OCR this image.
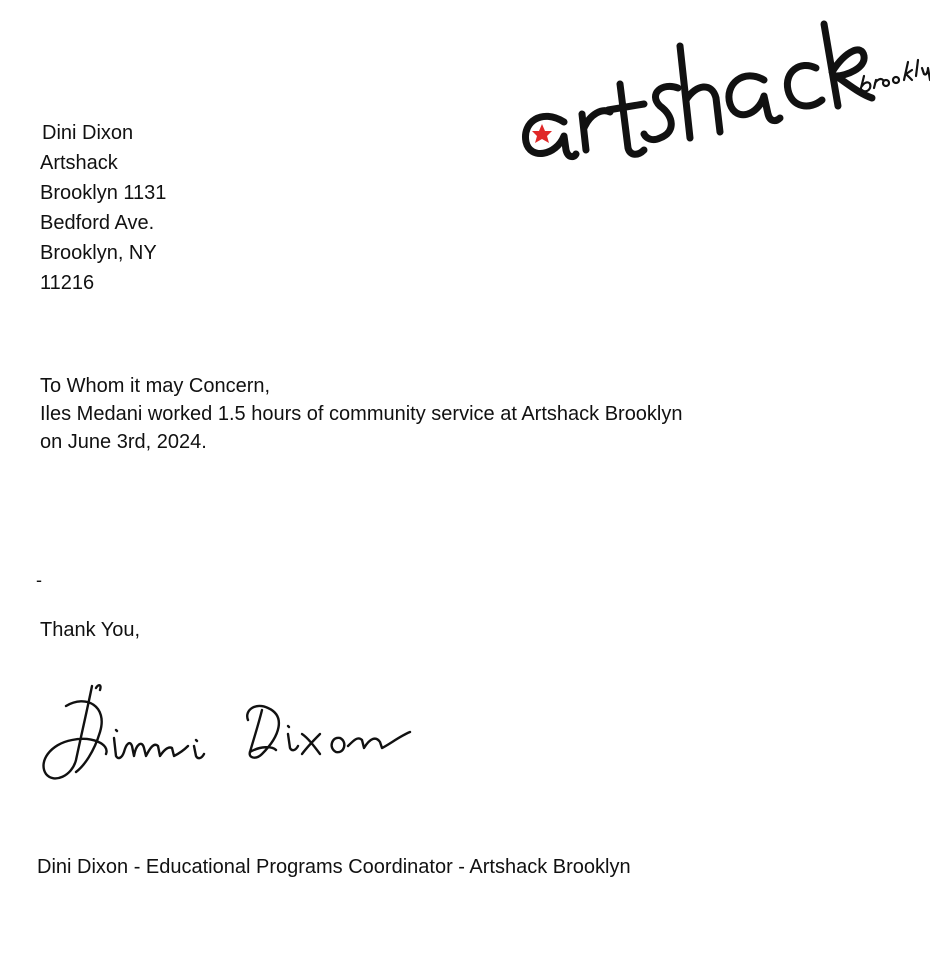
Dini Dixon
Artshack
Brooklyn 1131
Bedford Ave.
Brooklyn, NY
11216
To Whom it may Concern,
Iles Medani worked 1.5 hours of community service at Artshack Brooklyn
on June 3rd, 2024.
-
Thank You,
Dini Dixon - Educational Programs Coordinator - Artshack Brooklyn
